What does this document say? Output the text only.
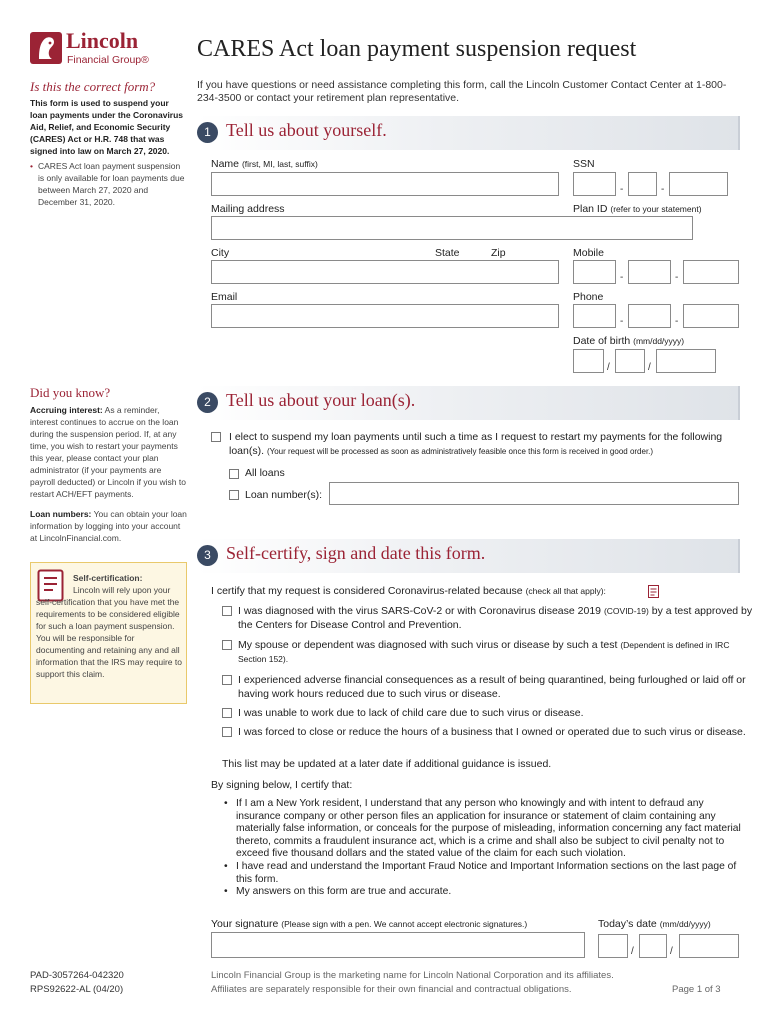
Lincoln
Financial Group® CARES Act loan payment suspension request
If you have questions or need assistance completing this form, call the Lincoln Customer Contact Center at 1-800-234-3500 or contact your retirement plan representative.
Is this the correct form?
This form is used to suspend your loan payments under the Coronavirus Aid, Relief, and Economic Security (CARES) Act or H.R. 748 that was signed into law on March 27, 2020.
• CARES Act loan payment suspension is only available for loan payments due between March 27, 2020 and December 31, 2020.
Did you know?
Accruing interest: As a reminder, interest continues to accrue on the loan during the suspension period. If, at any time, you wish to restart your payments this year, please contact your plan administrator (if your payments are payroll deducted) or Lincoln if you wish to restart ACH/EFT payments.
Loan numbers: You can obtain your loan information by logging into your account at LincolnFinancial.com.
Self-certification:
Lincoln will rely upon your self-certification that you have met the requirements to be considered eligible for such a loan payment suspension. You will be responsible for documenting and retaining any and all information that the IRS may require to support this claim.
1 Tell us about yourself.
Name (first, MI, last, suffix)	SSN
-	-
Mailing address	Plan ID (refer to your statement)
City	State	Zip	Mobile
-	-
Email	Phone
-	-
Date of birth (mm/dd/yyyy)
/	/
2 Tell us about your loan(s).
I elect to suspend my loan payments until such a time as I request to restart my payments for the following loan(s). (Your request will be processed as soon as administratively feasible once this form is received in good order.)
All loans
Loan number(s):
3 Self-certify, sign and date this form.
I certify that my request is considered Coronavirus-related because (check all that apply):
I was diagnosed with the virus SARS-CoV-2 or with Coronavirus disease 2019 (COVID-19) by a test approved by the Centers for Disease Control and Prevention.
My spouse or dependent was diagnosed with such virus or disease by such a test (Dependent is defined in IRC Section 152).
I experienced adverse financial consequences as a result of being quarantined, being furloughed or laid off or having work hours reduced due to such virus or disease.
I was unable to work due to lack of child care due to such virus or disease.
I was forced to close or reduce the hours of a business that I owned or operated due to such virus or disease.
This list may be updated at a later date if additional guidance is issued.
By signing below, I certify that:
• If I am a New York resident, I understand that any person who knowingly and with intent to defraud any insurance company or other person files an application for insurance or statement of claim containing any materially false information, or conceals for the purpose of misleading, information concerning any fact material thereto, commits a fraudulent insurance act, which is a crime and shall also be subject to civil penalty not to exceed five thousand dollars and the stated value of the claim for each such violation.
• I have read and understand the Important Fraud Notice and Important Information sections on the last page of this form.
• My answers on this form are true and accurate.
Your signature (Please sign with a pen. We cannot accept electronic signatures.)	Today’s date (mm/dd/yyyy)
/	/
PAD-3057264-042320
RPS92622-AL (04/20)
Lincoln Financial Group is the marketing name for Lincoln National Corporation and its affiliates.
Affiliates are separately responsible for their own financial and contractual obligations.	Page 1 of 3
